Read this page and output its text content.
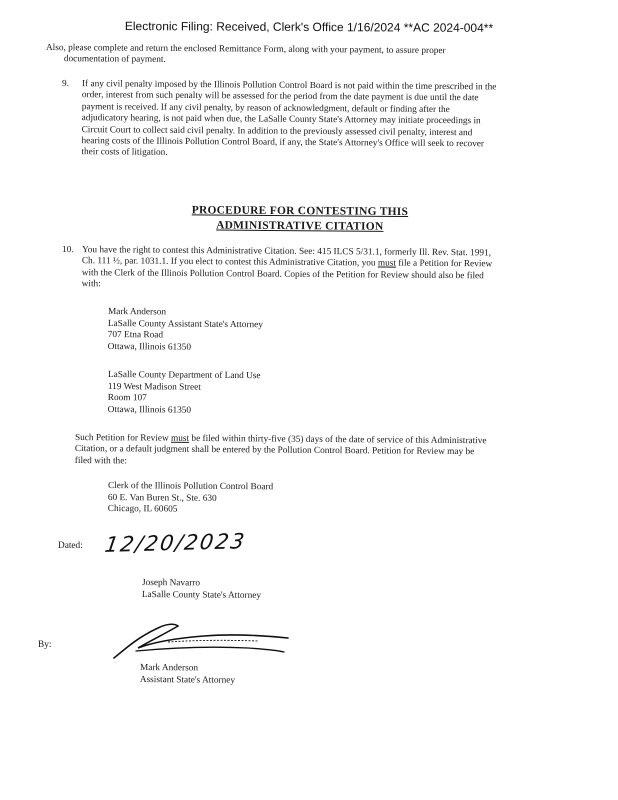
Electronic Filing: Received, Clerk's Office 1/16/2024 **AC 2024-004**
Also, please complete and return the enclosed Remittance Form, along with your payment, to assure proper
documentation of payment.
9.	If any civil penalty imposed by the Illinois Pollution Control Board is not paid within the time prescribed in the
order, interest from such penalty will be assessed for the period from the date payment is due until the date
payment is received. If any civil penalty, by reason of acknowledgment, default or finding after the
adjudicatory hearing, is not paid when due, the LaSalle County State's Attorney may initiate proceedings in
Circuit Court to collect said civil penalty. In addition to the previously assessed civil penalty, interest and
hearing costs of the Illinois Pollution Control Board, if any, the State's Attorney's Office will seek to recover
their costs of litigation.
PROCEDURE FOR CONTESTING THIS
ADMINISTRATIVE CITATION
10. You have the right to contest this Administrative Citation. See: 415 ILCS 5/31.1, formerly Ill. Rev. Stat. 1991,
Ch. 111 ½, par. 1031.1. If you elect to contest this Administrative Citation, you must file a Petition for Review
with the Clerk of the Illinois Pollution Control Board. Copies of the Petition for Review should also be filed
with:
Mark Anderson
LaSalle County Assistant State's Attorney
707 Etna Road
Ottawa, Illinois 61350
LaSalle County Department of Land Use
119 West Madison Street
Room 107
Ottawa, Illinois 61350
Such Petition for Review must be filed within thirty-five (35) days of the date of service of this Administrative
Citation, or a default judgment shall be entered by the Pollution Control Board. Petition for Review may be
filed with the:
Clerk of the Illinois Pollution Control Board
60 E. Van Buren St., Ste. 630
Chicago, IL 60605
Dated: 12/20/2023
Joseph Navarro
LaSalle County State's Attorney
By:
Mark Anderson
Assistant State's Attorney
